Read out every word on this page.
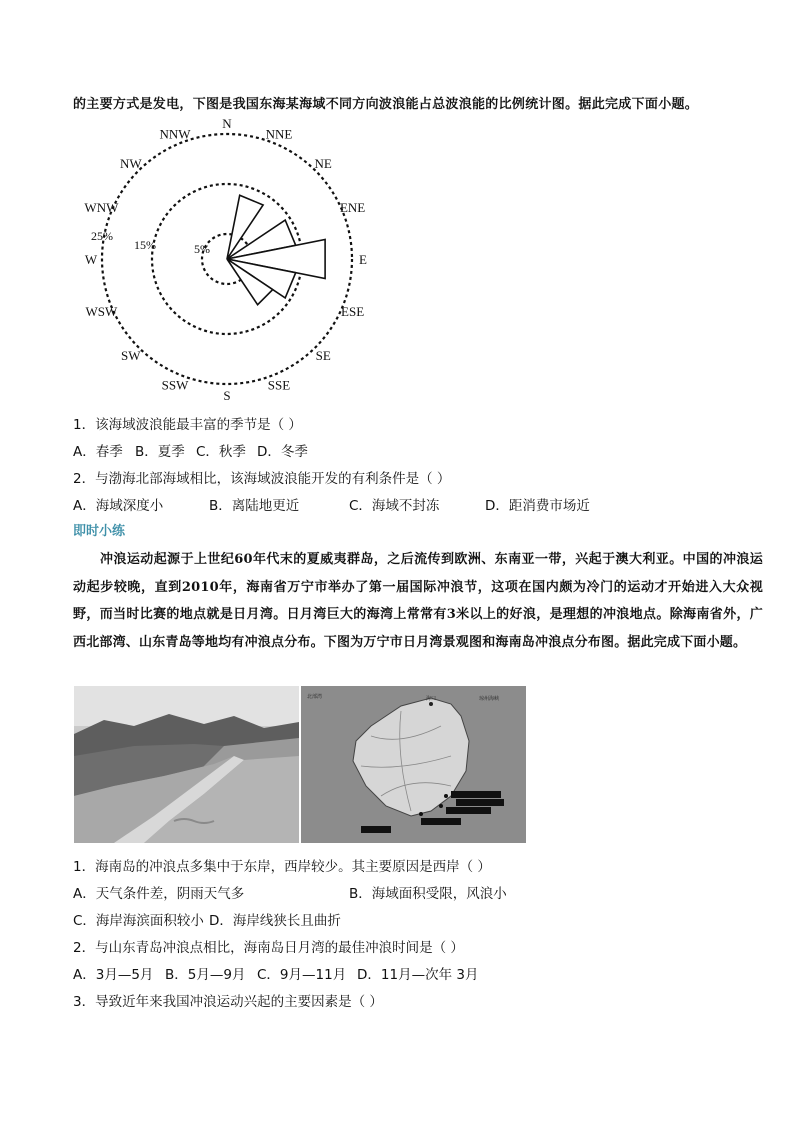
的主要方式是发电，下图是我国东海某海域不同方向波浪能占总波浪能的比例统计图。据此完成下面小题。
N
NNE
NE
ENE
E
ESE
SE
SSE
S
SSW
SW
WSW
W
WNW
NW
NNW
5%
15%
25%
1．该海域波浪能最丰富的季节是（ ）
A．春季 B．夏季 C．秋季 D．冬季
2．与渤海北部海域相比，该海域波浪能开发的有利条件是（ ）
A．海域深度小	B．离陆地更近	C．海域不封冻	D．距消费市场近
即时小练
冲浪运动起源于上世纪60年代末的夏威夷群岛，之后流传到欧洲、东南亚一带，兴起于澳大利亚。中国的冲浪运动起步较晚，直到2010年，海南省万宁市举办了第一届国际冲浪节，这项在国内颇为冷门的运动才开始进入大众视野，而当时比赛的地点就是日月湾。日月湾巨大的海湾上常常有3米以上的好浪，是理想的冲浪地点。除海南省外，广西北部湾、山东青岛等地均有冲浪点分布。下图为万宁市日月湾景观图和海南岛冲浪点分布图。据此完成下面小题。
北部湾	琼州海峡
海口
1．海南岛的冲浪点多集中于东岸，西岸较少。其主要原因是西岸（ ）
A．天气条件差，阴雨天气多	B．海域面积受限，风浪小
C．海岸海滨面积较小 D．海岸线狭长且曲折
2．与山东青岛冲浪点相比，海南岛日月湾的最佳冲浪时间是（ ）
A．3月—5月 B．5月—9月 C．9月—11月 D．11月—次年 3月
3．导致近年来我国冲浪运动兴起的主要因素是（ ）
